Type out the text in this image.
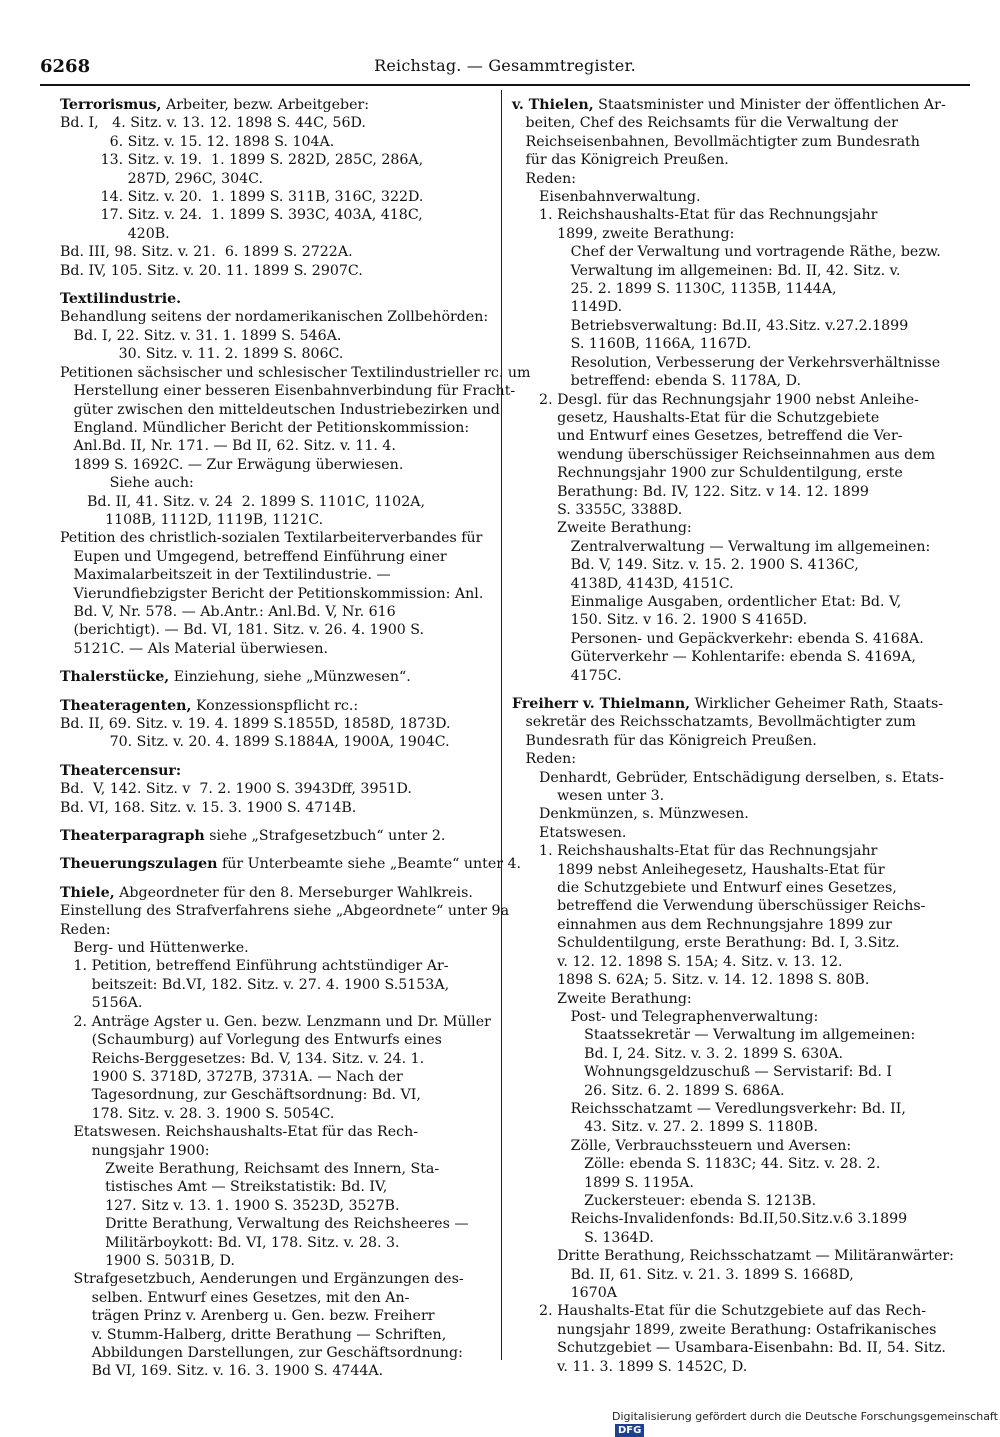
6268	Reichstag. — Gesammtregister.
Terrorismus, Arbeiter, bezw. Arbeitgeber:
Bd. I,   4. Sitz. v. 13. 12. 1898 S. 44C, 56D.
6. Sitz. v. 15. 12. 1898 S. 104A.
13. Sitz. v. 19.  1. 1899 S. 282D, 285C, 286A,
287D, 296C, 304C.
14. Sitz. v. 20.  1. 1899 S. 311B, 316C, 322D.
17. Sitz. v. 24.  1. 1899 S. 393C, 403A, 418C,
420B.
Bd. III, 98. Sitz. v. 21.  6. 1899 S. 2722A.
Bd. IV, 105. Sitz. v. 20. 11. 1899 S. 2907C.
Textilindustrie.
Behandlung seitens der nordamerikanischen Zollbehörden:
Bd. I, 22. Sitz. v. 31. 1. 1899 S. 546A.
30. Sitz. v. 11. 2. 1899 S. 806C.
Petitionen sächsischer und schlesischer Textilindustrieller rc. um
Herstellung einer besseren Eisenbahnverbindung für Fracht-
güter zwischen den mitteldeutschen Industriebezirken und
England. Mündlicher Bericht der Petitionskommission:
Anl.Bd. II, Nr. 171. — Bd II, 62. Sitz. v. 11. 4.
1899 S. 1692C. — Zur Erwägung überwiesen.
Siehe auch:
Bd. II, 41. Sitz. v. 24  2. 1899 S. 1101C, 1102A,
1108B, 1112D, 1119B, 1121C.
Petition des christlich-sozialen Textilarbeiterverbandes für
Eupen und Umgegend, betreffend Einführung einer
Maximalarbeitszeit in der Textilindustrie. —
Vierundfiebzigster Bericht der Petitionskommission: Anl.
Bd. V, Nr. 578. — Ab.Antr.: Anl.Bd. V, Nr. 616
(berichtigt). — Bd. VI, 181. Sitz. v. 26. 4. 1900 S.
5121C. — Als Material überwiesen.
Thalerstücke, Einziehung, siehe „Münzwesen“.
Theateragenten, Konzessionspflicht rc.:
Bd. II, 69. Sitz. v. 19. 4. 1899 S.1855D, 1858D, 1873D.
70. Sitz. v. 20. 4. 1899 S.1884A, 1900A, 1904C.
Theatercensur:
Bd.  V, 142. Sitz. v  7. 2. 1900 S. 3943Dff, 3951D.
Bd. VI, 168. Sitz. v. 15. 3. 1900 S. 4714B.
Theaterparagraph siehe „Strafgesetzbuch“ unter 2.
Theuerungszulagen für Unterbeamte siehe „Beamte“ unter 4.
Thiele, Abgeordneter für den 8. Merseburger Wahlkreis.
Einstellung des Strafverfahrens siehe „Abgeordnete“ unter 9a
Reden:
Berg- und Hüttenwerke.
1. Petition, betreffend Einführung achtstündiger Ar-
beitszeit: Bd.VI, 182. Sitz. v. 27. 4. 1900 S.5153A,
5156A.
2. Anträge Agster u. Gen. bezw. Lenzmann und Dr. Müller
(Schaumburg) auf Vorlegung des Entwurfs eines
Reichs-Berggesetzes: Bd. V, 134. Sitz. v. 24. 1.
1900 S. 3718D, 3727B, 3731A. — Nach der
Tagesordnung, zur Geschäftsordnung: Bd. VI,
178. Sitz. v. 28. 3. 1900 S. 5054C.
Etatswesen. Reichshaushalts-Etat für das Rech-
nungsjahr 1900:
Zweite Berathung, Reichsamt des Innern, Sta-
tistisches Amt — Streikstatistik: Bd. IV,
127. Sitz v. 13. 1. 1900 S. 3523D, 3527B.
Dritte Berathung, Verwaltung des Reichsheeres —
Militärboykott: Bd. VI, 178. Sitz. v. 28. 3.
1900 S. 5031B, D.
Strafgesetzbuch, Aenderungen und Ergänzungen des-
selben. Entwurf eines Gesetzes, mit den An-
trägen Prinz v. Arenberg u. Gen. bezw. Freiherr
v. Stumm-Halberg, dritte Berathung — Schriften,
Abbildungen Darstellungen, zur Geschäftsordnung:
Bd VI, 169. Sitz. v. 16. 3. 1900 S. 4744A.
v. Thielen, Staatsminister und Minister der öffentlichen Ar-
beiten, Chef des Reichsamts für die Verwaltung der
Reichseisenbahnen, Bevollmächtigter zum Bundesrath
für das Königreich Preußen.
Reden:
Eisenbahnverwaltung.
1. Reichshaushalts-Etat für das Rechnungsjahr
1899, zweite Berathung:
Chef der Verwaltung und vortragende Räthe, bezw.
Verwaltung im allgemeinen: Bd. II, 42. Sitz. v.
25. 2. 1899 S. 1130C, 1135B, 1144A,
1149D.
Betriebsverwaltung: Bd.II, 43.Sitz. v.27.2.1899
S. 1160B, 1166A, 1167D.
Resolution, Verbesserung der Verkehrsverhältnisse
betreffend: ebenda S. 1178A, D.
2. Desgl. für das Rechnungsjahr 1900 nebst Anleihe-
gesetz, Haushalts-Etat für die Schutzgebiete
und Entwurf eines Gesetzes, betreffend die Ver-
wendung überschüssiger Reichseinnahmen aus dem
Rechnungsjahr 1900 zur Schuldentilgung, erste
Berathung: Bd. IV, 122. Sitz. v 14. 12. 1899
S. 3355C, 3388D.
Zweite Berathung:
Zentralverwaltung — Verwaltung im allgemeinen:
Bd. V, 149. Sitz. v. 15. 2. 1900 S. 4136C,
4138D, 4143D, 4151C.
Einmalige Ausgaben, ordentlicher Etat: Bd. V,
150. Sitz. v 16. 2. 1900 S 4165D.
Personen- und Gepäckverkehr: ebenda S. 4168A.
Güterverkehr — Kohlentarife: ebenda S. 4169A,
4175C.
Freiherr v. Thielmann, Wirklicher Geheimer Rath, Staats-
sekretär des Reichsschatzamts, Bevollmächtigter zum
Bundesrath für das Königreich Preußen.
Reden:
Denhardt, Gebrüder, Entschädigung derselben, s. Etats-
wesen unter 3.
Denkmünzen, s. Münzwesen.
Etatswesen.
1. Reichshaushalts-Etat für das Rechnungsjahr
1899 nebst Anleihegesetz, Haushalts-Etat für
die Schutzgebiete und Entwurf eines Gesetzes,
betreffend die Verwendung überschüssiger Reichs-
einnahmen aus dem Rechnungsjahre 1899 zur
Schuldentilgung, erste Berathung: Bd. I, 3.Sitz.
v. 12. 12. 1898 S. 15A; 4. Sitz. v. 13. 12.
1898 S. 62A; 5. Sitz. v. 14. 12. 1898 S. 80B.
Zweite Berathung:
Post- und Telegraphenverwaltung:
Staatssekretär — Verwaltung im allgemeinen:
Bd. I, 24. Sitz. v. 3. 2. 1899 S. 630A.
Wohnungsgeldzuschuß — Servistarif: Bd. I
26. Sitz. 6. 2. 1899 S. 686A.
Reichsschatzamt — Veredlungsverkehr: Bd. II,
43. Sitz. v. 27. 2. 1899 S. 1180B.
Zölle, Verbrauchssteuern und Aversen:
Zölle: ebenda S. 1183C; 44. Sitz. v. 28. 2.
1899 S. 1195A.
Zuckersteuer: ebenda S. 1213B.
Reichs-Invalidenfonds: Bd.II,50.Sitz.v.6 3.1899
S. 1364D.
Dritte Berathung, Reichsschatzamt — Militäranwärter:
Bd. II, 61. Sitz. v. 21. 3. 1899 S. 1668D,
1670A
2. Haushalts-Etat für die Schutzgebiete auf das Rech-
nungsjahr 1899, zweite Berathung: Ostafrikanisches
Schutzgebiet — Usambara-Eisenbahn: Bd. II, 54. Sitz.
v. 11. 3. 1899 S. 1452C, D.
Digitalisierung gefördert durch die Deutsche Forschungsgemeinschaft DFG
